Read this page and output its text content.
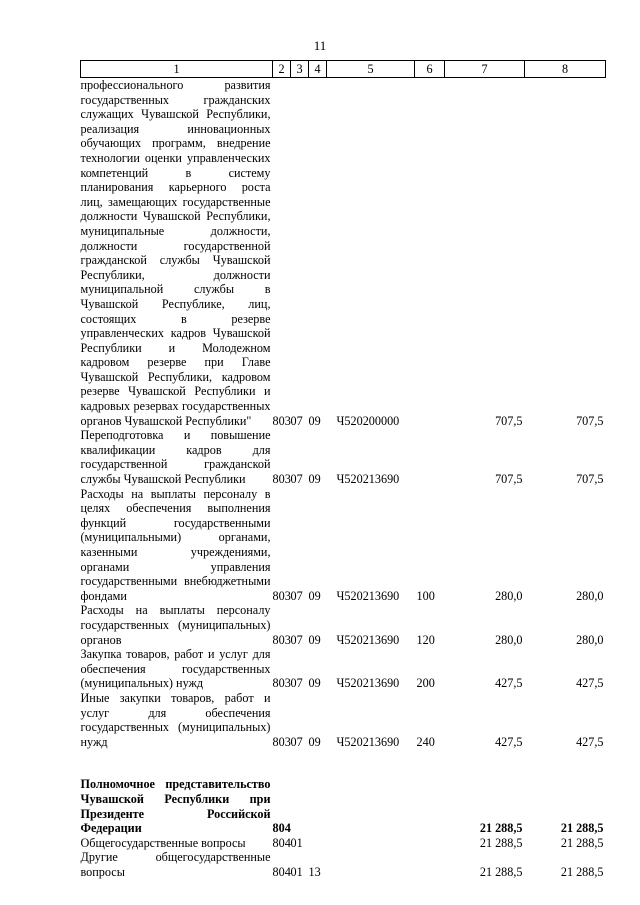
11
1	2	3	4	5	6	7	8
профессионального развития государственных гражданских служащих Чувашской Республики, реализация инновационных обучающих программ, внедрение технологии оценки управленческих компетенций в систему планирования карьерного роста лиц, замещающих государственные должности Чувашской Республики, муниципальные должности, должности государственной гражданской службы Чувашской Республики, должности муниципальной службы в Чувашской Республике, лиц, состоящих в резерве управленческих кадров Чувашской Республики и Молодежном кадровом резерве при Главе Чувашской Республики, кадровом резерве Чувашской Республики и кадровых резервах государственных органов Чувашской Республики"	803	07	09	Ч520200000		707,5	707,5
Переподготовка и повышение квалификации кадров для государственной гражданской службы Чувашской Республики	803	07	09	Ч520213690		707,5	707,5
Расходы на выплаты персоналу в целях обеспечения выполнения функций государственными (муниципальными) органами, казенными учреждениями, органами управления государственными внебюджетными фондами	803	07	09	Ч520213690	100	280,0	280,0
Расходы на выплаты персоналу государственных (муниципальных) органов	803	07	09	Ч520213690	120	280,0	280,0
Закупка товаров, работ и услуг для обеспечения государственных (муниципальных) нужд	803	07	09	Ч520213690	200	427,5	427,5
Иные закупки товаров, работ и услуг для обеспечения государственных (муниципальных) нужд	803	07	09	Ч520213690	240	427,5	427,5

Полномочное представительство Чувашской Республики при Президенте Российской Федерации	804					21 288,5	21 288,5
Общегосударственные вопросы	804	01				21 288,5	21 288,5
Другие общегосударственные вопросы	804	01	13			21 288,5	21 288,5
